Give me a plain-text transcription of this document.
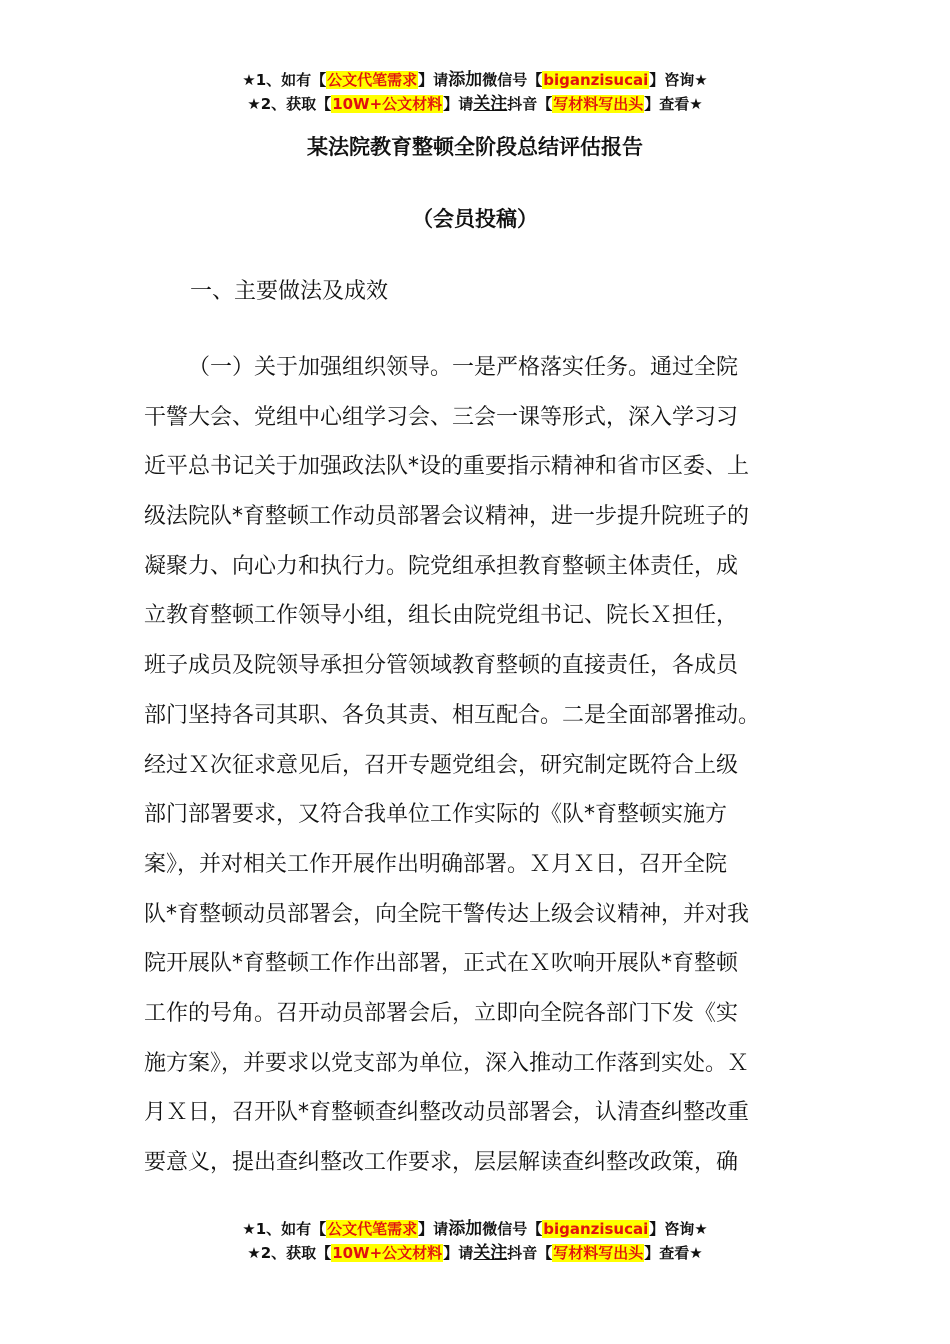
★1、如有【公文代笔需求】请添加微信号【biganzisucai】咨询★
★2、获取【10W+公文材料】请关注抖音【写材料写出头】查看★
某法院教育整顿全阶段总结评估报告
（会员投稿）
一、主要做法及成效
（一）关于加强组织领导。一是严格落实任务。通过全院
干警大会、党组中心组学习会、三会一课等形式，深入学习习
近平总书记关于加强政法队*设的重要指示精神和省市区委、上
级法院队*育整顿工作动员部署会议精神，进一步提升院班子的
凝聚力、向心力和执行力。院党组承担教育整顿主体责任，成
立教育整顿工作领导小组，组长由院党组书记、院长Ｘ担任，
班子成员及院领导承担分管领域教育整顿的直接责任，各成员
部门坚持各司其职、各负其责、相互配合。二是全面部署推动。
经过Ｘ次征求意见后，召开专题党组会，研究制定既符合上级
部门部署要求，又符合我单位工作实际的《队*育整顿实施方
案》，并对相关工作开展作出明确部署。Ｘ月Ｘ日，召开全院
队*育整顿动员部署会，向全院干警传达上级会议精神，并对我
院开展队*育整顿工作作出部署，正式在Ｘ吹响开展队*育整顿
工作的号角。召开动员部署会后，立即向全院各部门下发《实
施方案》，并要求以党支部为单位，深入推动工作落到实处。Ｘ
月Ｘ日，召开队*育整顿查纠整改动员部署会，认清查纠整改重
要意义，提出查纠整改工作要求，层层解读查纠整改政策，确
★1、如有【公文代笔需求】请添加微信号【biganzisucai】咨询★
★2、获取【10W+公文材料】请关注抖音【写材料写出头】查看★
